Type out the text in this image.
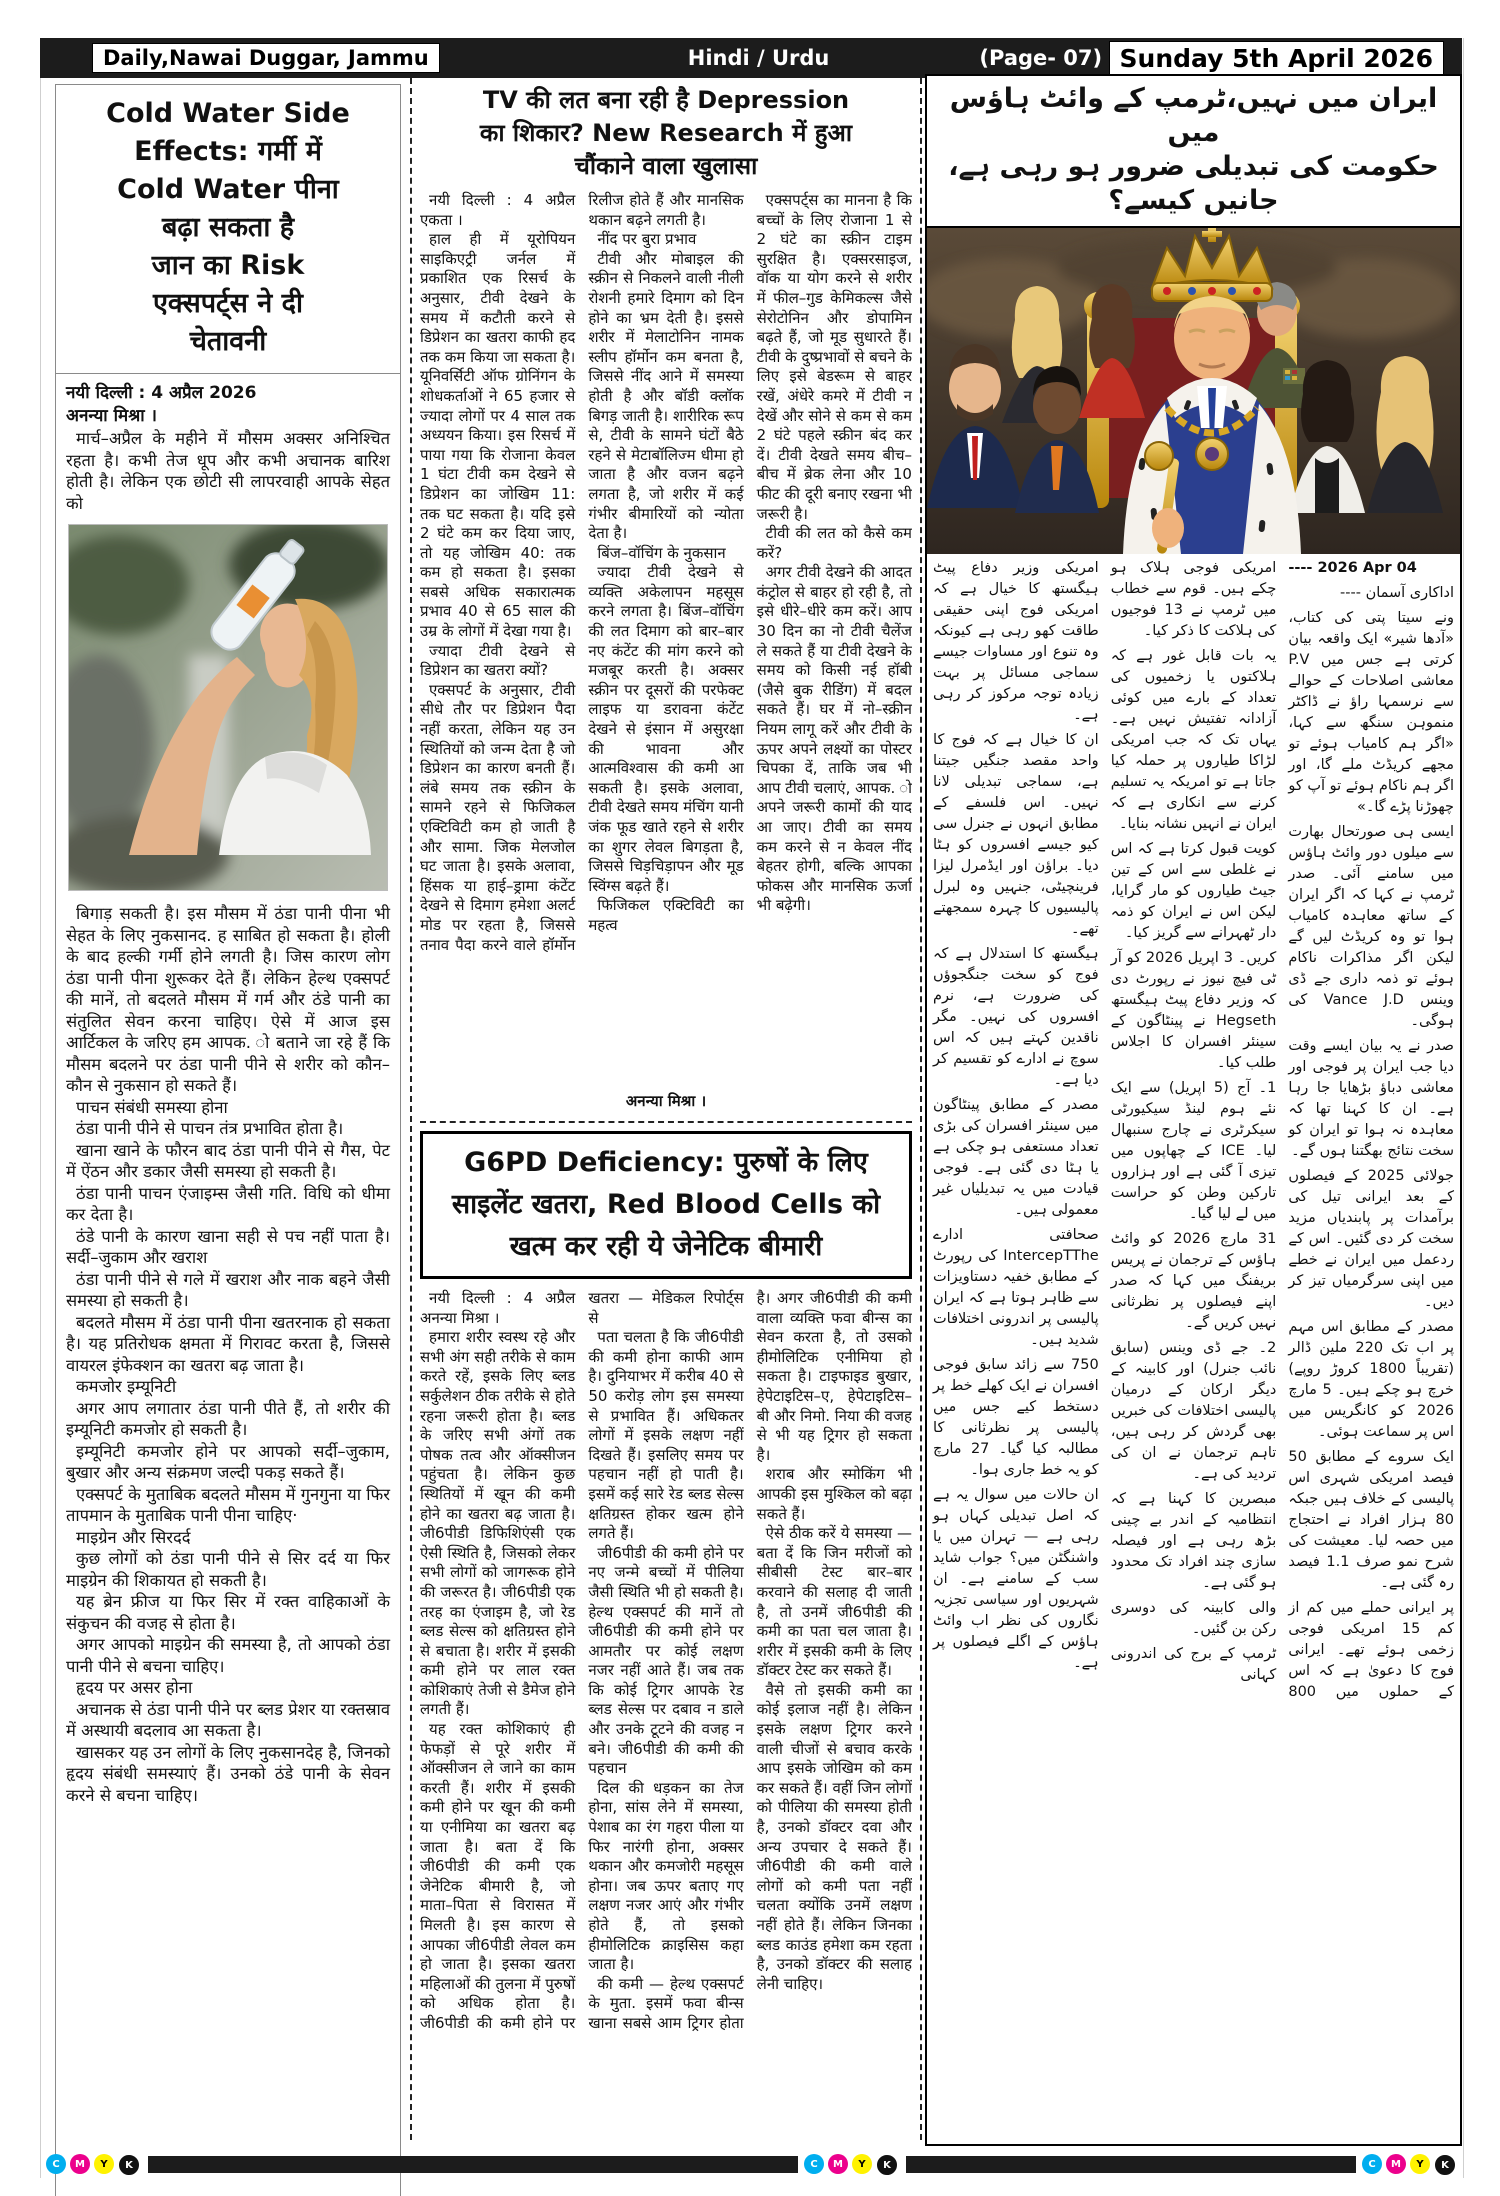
Daily,Nawai Duggar, Jammu	Hindi / Urdu	(Page- 07) Sunday 5th April 2026
Cold Water Side
Effects: गर्मी में
Cold Water पीना
बढ़ा सकता है
जान का Risk
एक्सपर्ट्स ने दी
चेतावनी
नयी दिल्ली : 4 अप्रैल 2026
अनन्या मिश्रा ।

मार्च–अप्रैल के महीने में मौसम अक्सर अनिश्चित रहता है। कभी तेज धूप और कभी अचानक बारिश होती है। लेकिन एक छोटी सी लापरवाही आपके सेहत को

बिगाड़ सकती है। इस मौसम में ठंडा पानी पीना भी सेहत के लिए नुकसानद. ह साबित हो सकता है। होली के बाद हल्की गर्मी होने लगती है। जिस कारण लोग ठंडा पानी पीना शुरूकर देते हैं। लेकिन हेल्थ एक्सपर्ट की मानें, तो बदलते मौसम में गर्म और ठंडे पानी का संतुलित सेवन करना चाहिए। ऐसे में आज इस आर्टिकल के जरिए हम आपक. ो बताने जा रहे हैं कि मौसम बदलने पर ठंडा पानी पीने से शरीर को कौन–कौन से नुकसान हो सकते हैं।

पाचन संबंधी समस्या होना

ठंडा पानी पीने से पाचन तंत्र प्रभावित होता है।

खाना खाने के फौरन बाद ठंडा पानी पीने से गैस, पेट में ऐंठन और डकार जैसी समस्या हो सकती है।

ठंडा पानी पाचन एंजाइम्स जैसी गति. विधि को धीमा कर देता है।

ठंडे पानी के कारण खाना सही से पच नहीं पाता है।सर्दी–जुकाम और खराश

ठंडा पानी पीने से गले में खराश और नाक बहने जैसी समस्या हो सकती है।

बदलते मौसम में ठंडा पानी पीना खतरनाक हो सकता है। यह प्रतिरोधक क्षमता में गिरावट करता है, जिससे वायरल इंफेक्शन का खतरा बढ़ जाता है।

कमजोर इम्यूनिटी

अगर आप लगातार ठंडा पानी पीते हैं, तो शरीर की इम्यूनिटी कमजोर हो सकती है।

इम्यूनिटी कमजोर होने पर आपको सर्दी–जुकाम, बुखार और अन्य संक्रमण जल्दी पकड़ सकते हैं।

एक्सपर्ट के मुताबिक बदलते मौसम में गुनगुना या फिर तापमान के मुताबिक पानी पीना चाहिए·

माइग्रेन और सिरदर्द

कुछ लोगों को ठंडा पानी पीने से सिर दर्द या फिर माइग्रेन की शिकायत हो सकती है।

यह ब्रेन फ्रीज या फिर सिर में रक्त वाहिकाओं के संकुचन की वजह से होता है।

अगर आपको माइग्रेन की समस्या है, तो आपको ठंडा पानी पीने से बचना चाहिए।

हृदय पर असर होना

अचानक से ठंडा पानी पीने पर ब्लड प्रेशर या रक्तस्राव में अस्थायी बदलाव आ सकता है।

खासकर यह उन लोगों के लिए नुकसानदेह है, जिनको हृदय संबंधी समस्याएं हैं। उनको ठंडे पानी के सेवन करने से बचना चाहिए।

TV की लत बना रही है Depression
का शिकार? New Research में हुआ
चौंकाने वाला खुलासा

नयी दिल्ली : 4 अप्रैल एकता ।

हाल ही में यूरोपियन साइकिएट्री जर्नल में प्रकाशित एक रिसर्च के अनुसार, टीवी देखने के समय में कटौती करने से डिप्रेशन का खतरा काफी हद तक कम किया जा सकता है। यूनिवर्सिटी ऑफ ग्रोनिंगन के शोधकर्ताओं ने 65 हजार से ज्यादा लोगों पर 4 साल तक अध्ययन किया। इस रिसर्च में पाया गया कि रोजाना केवल 1 घंटा टीवी कम देखने से डिप्रेशन का जोखिम 11: तक घट सकता है। यदि इसे 2 घंटे कम कर दिया जाए, तो यह जोखिम 40: तक कम हो सकता है। इसका सबसे अधिक सकारात्मक प्रभाव 40 से 65 साल की उम्र के लोगों में देखा गया है।

ज्यादा टीवी देखने से डिप्रेशन का खतरा क्यों?

एक्सपर्ट के अनुसार, टीवी सीधे तौर पर डिप्रेशन पैदा नहीं करता, लेकिन यह उन स्थितियों को जन्म देता है जो डिप्रेशन का कारण बनती हैं। लंबे समय तक स्क्रीन के सामने रहने से फिजिकल एक्टिविटी कम हो जाती है और सामा. जिक मेलजोल घट जाता है। इसके अलावा, हिंसक या हाई–ड्रामा कंटेंट देखने से दिमाग हमेशा अलर्ट मोड पर रहता है, जिससे तनाव पैदा करने वाले हॉर्मोन रिलीज होते हैं और मानसिक थकान बढ़ने लगती है।

नींद पर बुरा प्रभाव

टीवी और मोबाइल की स्क्रीन से निकलने वाली नीली रोशनी हमारे दिमाग को दिन होने का भ्रम देती है। इससे शरीर में मेलाटोनिन नामक स्लीप हॉर्मोन कम बनता है, जिससे नींद आने में समस्या होती है और बॉडी क्लॉक बिगड़ जाती है। शारीरिक रूप से, टीवी के सामने घंटों बैठे रहने से मेटाबॉलिज्म धीमा हो जाता है और वजन बढ़ने लगता है, जो शरीर में कई गंभीर बीमारियों को न्योता देता है।

बिंज–वॉचिंग के नुकसान

ज्यादा टीवी देखने से व्यक्ति अकेलापन महसूस करने लगता है। बिंज–वॉचिंग की लत दिमाग को बार–बार नए कंटेंट की मांग करने को मजबूर करती है। अक्सर स्क्रीन पर दूसरों की परफेक्ट लाइफ या डरावना कंटेंट देखने से इंसान में असुरक्षा की भावना और आत्मविश्वास की कमी आ सकती है। इसके अलावा, टीवी देखते समय मंचिंग यानी जंक फूड खाते रहने से शरीर का शुगर लेवल बिगड़ता है, जिससे चिड़चिड़ापन और मूड स्विंग्स बढ़ते हैं।

फिजिकल एक्टिविटी का महत्व

एक्सपर्ट्स का मानना है कि बच्चों के लिए रोजाना 1 से 2 घंटे का स्क्रीन टाइम सुरक्षित है। एक्सरसाइज, वॉक या योग करने से शरीर में फील–गुड केमिकल्स जैसे सेरोटोनिन और डोपामिन बढ़ते हैं, जो मूड सुधारते हैं। टीवी के दुष्प्रभावों से बचने के लिए इसे बेडरूम से बाहर रखें, अंधेरे कमरे में टीवी न देखें और सोने से कम से कम 2 घंटे पहले स्क्रीन बंद कर दें। टीवी देखते समय बीच–बीच में ब्रेक लेना और 10 फीट की दूरी बनाए रखना भी जरूरी है।

टीवी की लत को कैसे कम करें?

अगर टीवी देखने की आदत कंट्रोल से बाहर हो रही है, तो इसे धीरे–धीरे कम करें। आप 30 दिन का नो टीवी चैलेंज ले सकते हैं या टीवी देखने के समय को किसी नई हॉबी (जैसे बुक रीडिंग) में बदल सकते हैं। घर में नो–स्क्रीन नियम लागू करें और टीवी के ऊपर अपने लक्ष्यों का पोस्टर चिपका दें, ताकि जब भी आप टीवी चलाएं, आपक. ो अपने जरूरी कामों की याद आ जाए। टीवी का समय कम करने से न केवल नींद बेहतर होगी, बल्कि आपका फोकस और मानसिक ऊर्जा भी बढ़ेगी।

अनन्या मिश्रा ।

G6PD Deficiency: पुरुषों के लिए
साइलेंट खतरा, Red Blood Cells को
खत्म कर रही ये जेनेटिक बीमारी

नयी दिल्ली : 4 अप्रैल अनन्या मिश्रा ।

हमारा शरीर स्वस्थ रहे और सभी अंग सही तरीके से काम करते रहें, इसके लिए ब्लड सर्कुलेशन ठीक तरीके से होते रहना जरूरी होता है। ब्लड के जरिए सभी अंगों तक पोषक तत्व और ऑक्सीजन पहुंचता है। लेकिन कुछ स्थितियों में खून की कमी होने का खतरा बढ़ जाता है। जी6पीडी डिफिशिएंसी एक ऐसी स्थिति है, जिसको लेकर सभी लोगों को जागरूक होने की जरूरत है। जी6पीडी एक तरह का एंजाइम है, जो रेड ब्लड सेल्स को क्षतिग्रस्त होने से बचाता है। शरीर में इसकी कमी होने पर लाल रक्त कोशिकाएं तेजी से डैमेज होने लगती हैं।

यह रक्त कोशिकाएं ही फेफड़ों से पूरे शरीर में ऑक्सीजन ले जाने का काम करती हैं। शरीर में इसकी कमी होने पर खून की कमी या एनीमिया का खतरा बढ़ जाता है। बता दें कि जी6पीडी की कमी एक जेनेटिक बीमारी है, जो माता–पिता से विरासत में मिलती है। इस कारण से आपका जी6पीडी लेवल कम हो जाता है। इसका खतरा महिलाओं की तुलना में पुरुषों को अधिक होता है। जी6पीडी की कमी होने पर खतरा — मेडिकल रिपोर्ट्स से

पता चलता है कि जी6पीडी की कमी होना काफी आम है। दुनियाभर में करीब 40 से 50 करोड़ लोग इस समस्या से प्रभावित हैं। अधिकतर लोगों में इसके लक्षण नहीं दिखते हैं। इसलिए समय पर पहचान नहीं हो पाती है। इसमें कई सारे रेड ब्लड सेल्स क्षतिग्रस्त होकर खत्म होने लगते हैं।

जी6पीडी की कमी होने पर नए जन्मे बच्चों में पीलिया जैसी स्थिति भी हो सकती है। हेल्थ एक्सपर्ट की मानें तो जी6पीडी की कमी होने पर आमतौर पर कोई लक्षण नजर नहीं आते हैं। जब तक कि कोई ट्रिगर आपके रेड ब्लड सेल्स पर दबाव न डाले और उनके टूटने की वजह न बने। जी6पीडी की कमी की पहचान

दिल की धड़कन का तेज होना, सांस लेने में समस्या, पेशाब का रंग गहरा पीला या फिर नारंगी होना, अक्सर थकान और कमजोरी महसूस होना। जब ऊपर बताए गए लक्षण नजर आएं और गंभीर होते हैं, तो इसको हीमोलिटिक क्राइसिस कहा जाता है।

की कमी — हेल्थ एक्सपर्ट के मुता. इसमें फवा बीन्स खाना सबसे आम ट्रिगर होता है। अगर जी6पीडी की कमी वाला व्यक्ति फवा बीन्स का सेवन करता है, तो उसको हीमोलिटिक एनीमिया हो सकता है। टाइफाइड बुखार, हेपेटाइटिस–ए, हेपेटाइटिस–बी और निमो. निया की वजह से भी यह ट्रिगर हो सकता है।

शराब और स्मोकिंग भी आपकी इस मुश्किल को बढ़ा सकते हैं।

ऐसे ठीक करें ये समस्या — बता दें कि जिन मरीजों को सीबीसी टेस्ट बार–बार करवाने की सलाह दी जाती है, तो उनमें जी6पीडी की कमी का पता चल जाता है। शरीर में इसकी कमी के लिए डॉक्टर टेस्ट कर सकते हैं।

वैसे तो इसकी कमी का कोई इलाज नहीं है। लेकिन इसके लक्षण ट्रिगर करने वाली चीजों से बचाव करके आप इसके जोखिम को कम कर सकते हैं। वहीं जिन लोगों को पीलिया की समस्या होती है, उनको डॉक्टर दवा और अन्य उपचार दे सकते हैं। जी6पीडी की कमी वाले लोगों को कमी पता नहीं चलता क्योंकि उनमें लक्षण नहीं होते हैं। लेकिन जिनका ब्लड काउंड हमेशा कम रहता है, उनको डॉक्टर की सलाह लेनी चाहिए।

ایران میں نہیں،ٹرمپ کے وائٹ ہاؤس میں
حکومت کی تبدیلی ضرور ہو رہی ہے، جانیں کیسے؟

---- 2026 Apr 04

اداکاری آسمان ----

ونے سیتا پتی کی کتاب، «آدھا شیر» ایک واقعہ بیان کرتی ہے جس میں P.V معاشی اصلاحات کے حوالے سے نرسمہا راؤ نے ڈاکٹر منموہن سنگھ سے کہا، «اگر ہم کامیاب ہوئے تو مجھے کریڈٹ ملے گا، اور اگر ہم ناکام ہوئے تو آپ کو چھوڑنا پڑے گا۔»

ایسی ہی صورتحال بھارت سے میلوں دور وائٹ ہاؤس میں سامنے آئی۔ صدر ٹرمپ نے کہا کہ اگر ایران کے ساتھ معاہدہ کامیاب ہوا تو وہ کریڈٹ لیں گے لیکن اگر مذاکرات ناکام ہوئے تو ذمہ داری جے ڈی وینس Vance J.D کی ہوگی۔

صدر نے یہ بیان ایسے وقت دیا جب ایران پر فوجی اور معاشی دباؤ بڑھایا جا رہا ہے۔ ان کا کہنا تھا کہ معاہدہ نہ ہوا تو ایران کو سخت نتائج بھگتنا ہوں گے۔

جولائی 2025 کے فیصلوں کے بعد ایرانی تیل کی برآمدات پر پابندیاں مزید سخت کر دی گئیں۔ اس کے ردعمل میں ایران نے خطے میں اپنی سرگرمیاں تیز کر دیں۔

مصدر کے مطابق اس مہم پر اب تک 220 ملین ڈالر (تقریباً 1800 کروڑ روپے) خرچ ہو چکے ہیں۔ 5 مارچ 2026 کو کانگریس میں اس پر سماعت ہوئی۔

ایک سروے کے مطابق 50 فیصد امریکی شہری اس پالیسی کے خلاف ہیں جبکہ 80 ہزار افراد نے احتجاج میں حصہ لیا۔ معیشت کی شرح نمو صرف 1.1 فیصد رہ گئی ہے۔

پر ایرانی حملے میں کم از کم 15 امریکی فوجی زخمی ہوئے تھے۔ ایرانی فوج کا دعویٰ ہے کہ اس کے حملوں میں 800 امریکی فوجی ہلاک ہو چکے ہیں۔ قوم سے خطاب میں ٹرمپ نے 13 فوجیوں کی ہلاکت کا ذکر کیا۔

یہ بات قابل غور ہے کہ ہلاکتوں یا زخمیوں کی تعداد کے بارے میں کوئی آزادانہ تفتیش نہیں ہے۔ یہاں تک کہ جب امریکی لڑاکا طیاروں پر حملہ کیا جاتا ہے تو امریکہ یہ تسلیم کرنے سے انکاری ہے کہ ایران نے انہیں نشانہ بنایا۔

کویت قبول کرتا ہے کہ اس نے غلطی سے اس کے تین جیٹ طیاروں کو مار گرایا، لیکن اس نے ایران کو ذمہ دار ٹھہرانے سے گریز کیا۔

کریں۔ 3 اپریل 2026 کو آر ٹی فیچ نیوز نے رپورٹ دی کہ وزیر دفاع پیٹ ہیگستھ Hegseth نے پینٹاگون کے سینئر افسران کا اجلاس طلب کیا۔

1۔ آج (5 اپریل) سے ایک نئے ہوم لینڈ سیکیورٹی سیکرٹری نے چارج سنبھال لیا۔ ICE کے چھاپوں میں تیزی آ گئی ہے اور ہزاروں تارکین وطن کو حراست میں لے لیا گیا۔

31 مارچ 2026 کو وائٹ ہاؤس کے ترجمان نے پریس بریفنگ میں کہا کہ صدر اپنے فیصلوں پر نظرثانی نہیں کریں گے۔

2۔ جے ڈی وینس (سابق نائب جنرل) اور کابینہ کے دیگر ارکان کے درمیان پالیسی اختلافات کی خبریں بھی گردش کر رہی ہیں، تاہم ترجمان نے ان کی تردید کی ہے۔

مبصرین کا کہنا ہے کہ انتظامیہ کے اندر بے چینی بڑھ رہی ہے اور فیصلہ سازی چند افراد تک محدود ہو گئی ہے۔

والی کابینہ کی دوسری رکن بن گئیں۔

ٹرمپ کے برج کی اندرونی کہانی

امریکی وزیر دفاع پیٹ ہیگستھ کا خیال ہے کہ امریکی فوج اپنی حقیقی طاقت کھو رہی ہے کیونکہ وہ تنوع اور مساوات جیسے سماجی مسائل پر بہت زیادہ توجہ مرکوز کر رہی ہے۔

ان کا خیال ہے کہ فوج کا واحد مقصد جنگیں جیتنا ہے، سماجی تبدیلی لانا نہیں۔ اس فلسفے کے مطابق انہوں نے جنرل سی کیو جیسے افسروں کو ہٹا دیا۔ براؤن اور ایڈمرل لیزا فرینچیٹی، جنہیں وہ لبرل پالیسیوں کا چہرہ سمجھتے تھے۔

ہیگستھ کا استدلال ہے کہ فوج کو سخت جنگجوؤں کی ضرورت ہے، نرم افسروں کی نہیں۔ مگر ناقدین کہتے ہیں کہ اس سوچ نے ادارے کو تقسیم کر دیا ہے۔

مصدر کے مطابق پینٹاگون میں سینئر افسران کی بڑی تعداد مستعفی ہو چکی ہے یا ہٹا دی گئی ہے۔ فوجی قیادت میں یہ تبدیلیاں غیر معمولی ہیں۔

صحافتی ادارے IntercepTThe کی رپورٹ کے مطابق خفیہ دستاویزات سے ظاہر ہوتا ہے کہ ایران پالیسی پر اندرونی اختلافات شدید ہیں۔

750 سے زائد سابق فوجی افسران نے ایک کھلے خط پر دستخط کیے جس میں پالیسی پر نظرثانی کا مطالبہ کیا گیا۔ 27 مارچ کو یہ خط جاری ہوا۔

ان حالات میں سوال یہ ہے کہ اصل تبدیلی کہاں ہو رہی ہے — تہران میں یا واشنگٹن میں؟ جواب شاید سب کے سامنے ہے۔ ان شہریوں اور سیاسی تجزیہ نگاروں کی نظر اب وائٹ ہاؤس کے اگلے فیصلوں پر ہے۔

C	M	Y	K	C	M	Y	K	C	M	Y	K
